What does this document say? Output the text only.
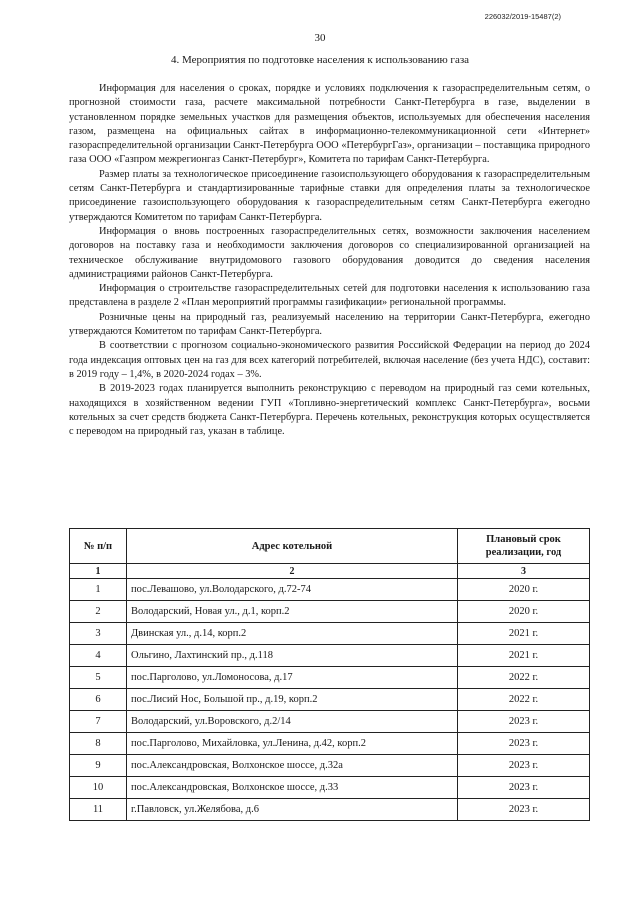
226032/2019-15487(2)
30
4. Мероприятия по подготовке населения к использованию газа

Информация для населения о сроках, порядке и условиях подключения к газораспределительным сетям, о прогнозной стоимости газа, расчете максимальной потребности Санкт-Петербурга в газе, выделении в установленном порядке земельных участков для размещения объектов, используемых для обеспечения населения газом, размещена на официальных сайтах в информационно-телекоммуникационной сети «Интернет» газораспределительной организации Санкт-Петербурга ООО «ПетербургГаз», организации – поставщика природного газа ООО «Газпром межрегионгаз Санкт-Петербург», Комитета по тарифам Санкт-Петербурга.

Размер платы за технологическое присоединение газоиспользующего оборудования к газораспределительным сетям Санкт-Петербурга и стандартизированные тарифные ставки для определения платы за технологическое присоединение газоиспользующего оборудования к газораспределительным сетям Санкт-Петербурга ежегодно утверждаются Комитетом по тарифам Санкт-Петербурга.

Информация о вновь построенных газораспределительных сетях, возможности заключения населением договоров на поставку газа и необходимости заключения договоров со специализированной организацией на техническое обслуживание внутридомового газового оборудования доводится до сведения населения администрациями районов Санкт-Петербурга.

Информация о строительстве газораспределительных сетей для подготовки населения к использованию газа представлена в разделе 2 «План мероприятий программы газификации» региональной программы.

Розничные цены на природный газ, реализуемый населению на территории Санкт-Петербурга, ежегодно утверждаются Комитетом по тарифам Санкт-Петербурга.

В соответствии с прогнозом социально-экономического развития Российской Федерации на период до 2024 года индексация оптовых цен на газ для всех категорий потребителей, включая население (без учета НДС), составит: в 2019 году – 1,4%, в 2020-2024 годах – 3%.

В 2019-2023 годах планируется выполнить реконструкцию с переводом на природный газ семи котельных, находящихся в хозяйственном ведении ГУП «Топливно-энергетический комплекс Санкт-Петербурга», восьми котельных за счет средств бюджета Санкт-Петербурга. Перечень котельных, реконструкция которых осуществляется с переводом на природный газ, указан в таблице.

№ п/п	Адрес котельной	Плановый срок реализации, год
1	2	3
1	пос.Левашово, ул.Володарского, д.72-74	2020 г.
2	Володарский, Новая ул., д.1, корп.2	2020 г.
3	Двинская ул., д.14, корп.2	2021 г.
4	Ольгино, Лахтинский пр., д.118	2021 г.
5	пос.Парголово, ул.Ломоносова, д.17	2022 г.
6	пос.Лисий Нос, Большой пр., д.19, корп.2	2022 г.
7	Володарский, ул.Воровского, д.2/14	2023 г.
8	пос.Парголово, Михайловка, ул.Ленина, д.42, корп.2	2023 г.
9	пос.Александровская, Волхонское шоссе, д.32а	2023 г.
10	пос.Александровская, Волхонское шоссе, д.33	2023 г.
11	г.Павловск, ул.Желябова, д.6	2023 г.
